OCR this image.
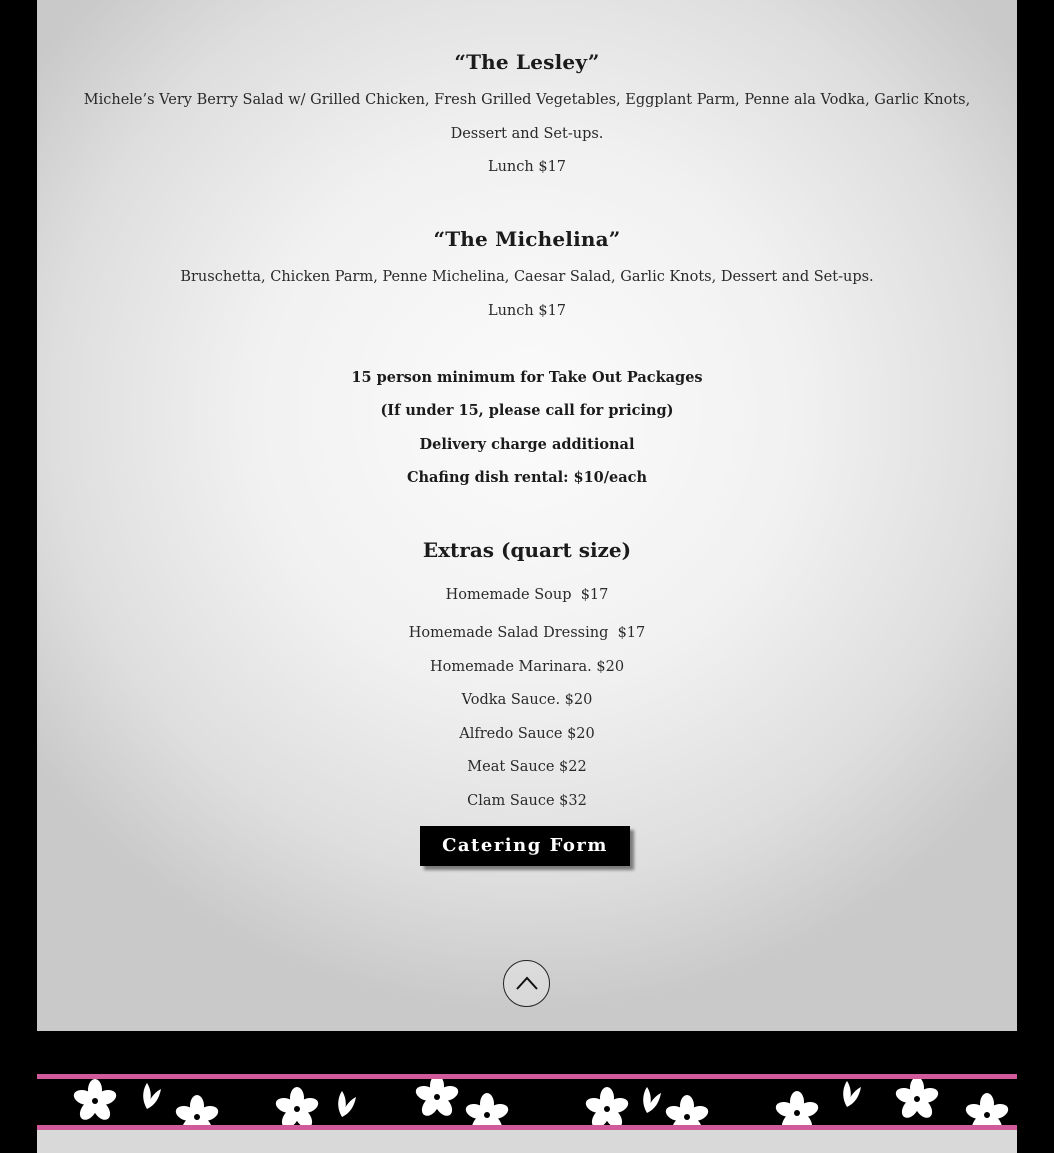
“The Lesley”
Michele’s Very Berry Salad w/ Grilled Chicken, Fresh Grilled Vegetables, Eggplant Parm, Penne ala Vodka, Garlic Knots, Dessert and Set-ups.
Lunch $17
“The Michelina”
Bruschetta, Chicken Parm, Penne Michelina, Caesar Salad, Garlic Knots, Dessert and Set-ups.
Lunch $17
15 person minimum for Take Out Packages
(If under 15, please call for pricing)
Delivery charge additional
Chafing dish rental: $10/each
Extras (quart size)
Homemade Soup  $17
Homemade Salad Dressing  $17
Homemade Marinara. $20
Vodka Sauce. $20
Alfredo Sauce $20
Meat Sauce $22
Clam Sauce $32
Catering Form
